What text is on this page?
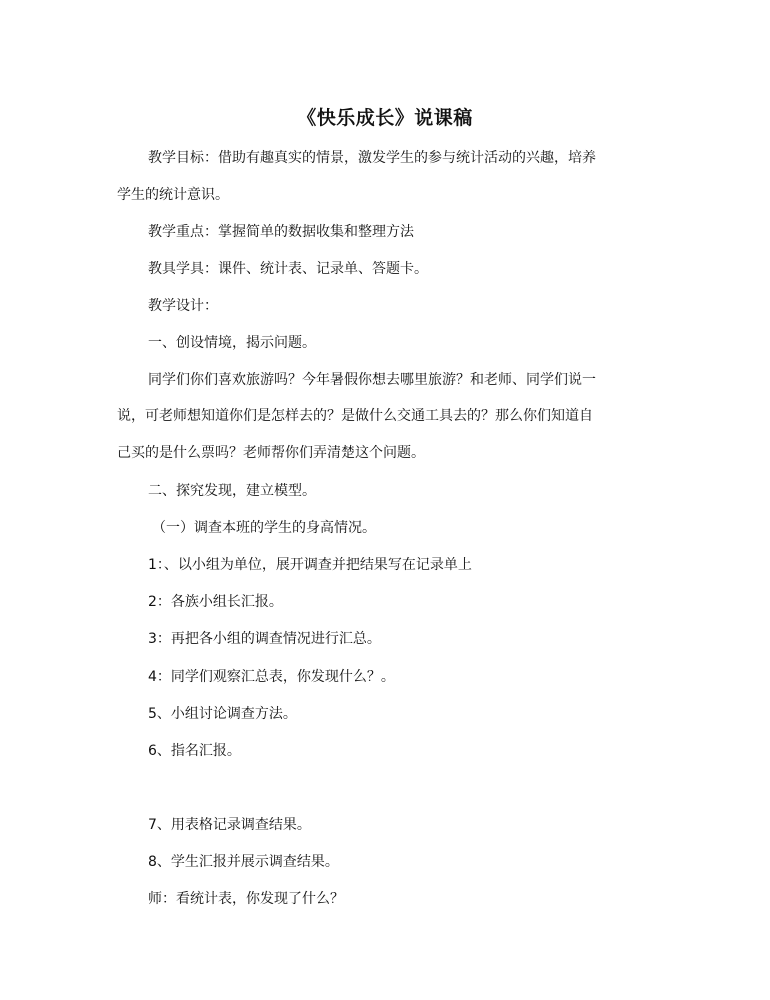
《快乐成长》说课稿
教学目标：借助有趣真实的情景，激发学生的参与统计活动的兴趣，培养
学生的统计意识。
教学重点：掌握简单的数据收集和整理方法
教具学具：课件、统计表、记录单、答题卡。
教学设计：
一、创设情境，揭示问题。
同学们你们喜欢旅游吗？今年暑假你想去哪里旅游？和老师、同学们说一
说，可老师想知道你们是怎样去的？是做什么交通工具去的？那么你们知道自
己买的是什么票吗？老师帮你们弄清楚这个问题。
二、探究发现，建立模型。
（一）调查本班的学生的身高情况。
1：、以小组为单位，展开调查并把结果写在记录单上
2：各族小组长汇报。
3：再把各小组的调查情况进行汇总。
4：同学们观察汇总表，你发现什么？。
5、小组讨论调查方法。
6、指名汇报。
7、用表格记录调查结果。
8、学生汇报并展示调查结果。
师：看统计表，你发现了什么？
